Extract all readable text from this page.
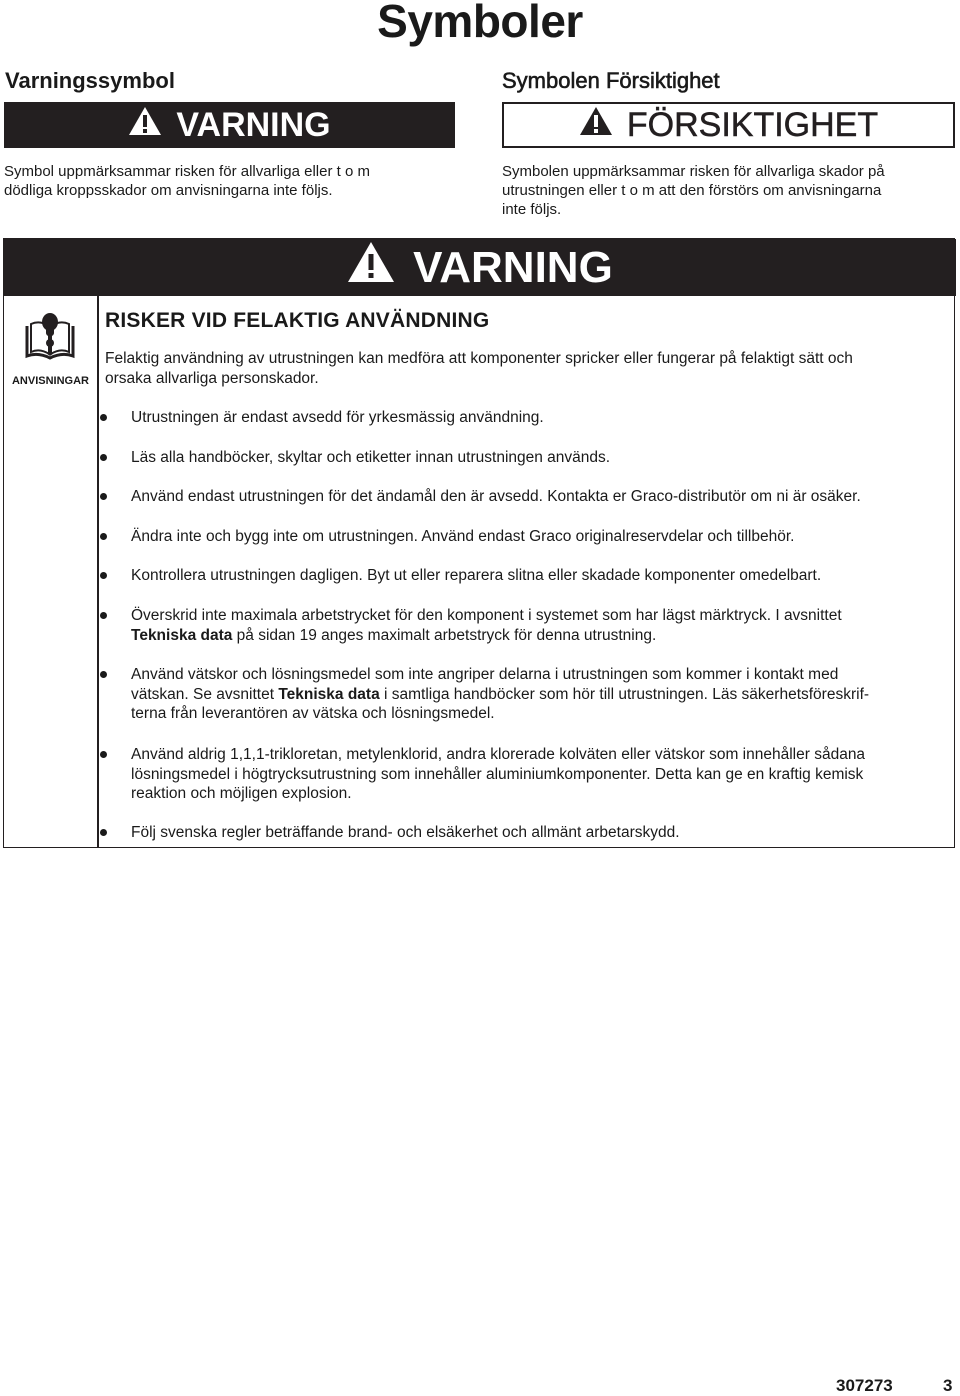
Symboler
Varningssymbol
VARNING
Symbol uppmärksammar risken för allvarliga eller t o m
dödliga kroppsskador om anvisningarna inte följs.
Symbolen Försiktighet
FÖRSIKTIGHET
Symbolen uppmärksammar risken för allvarliga skador på
utrustningen eller t o m att den förstörs om anvisningarna
inte följs.
VARNING
ANVISNINGAR
RISKER VID FELAKTIG ANVÄNDNING
Felaktig användning av utrustningen kan medföra att komponenter spricker eller fungerar på felaktigt sätt och
orsaka allvarliga personskador.
Utrustningen är endast avsedd för yrkesmässig användning.
Läs alla handböcker, skyltar och etiketter innan utrustningen används.
Använd endast utrustningen för det ändamål den är avsedd. Kontakta er Graco-distributör om ni är osäker.
Ändra inte och bygg inte om utrustningen. Använd endast Graco originalreservdelar och tillbehör.
Kontrollera utrustningen dagligen. Byt ut eller reparera slitna eller skadade komponenter omedelbart.
Överskrid inte maximala arbetstrycket för den komponent i systemet som har lägst märktryck. I avsnittet
Tekniska data på sidan 19 anges maximalt arbetstryck för denna utrustning.
Använd vätskor och lösningsmedel som inte angriper delarna i utrustningen som kommer i kontakt med
vätskan. Se avsnittet Tekniska data i samtliga handböcker som hör till utrustningen. Läs säkerhetsföreskrif-
terna från leverantören av vätska och lösningsmedel.
Använd aldrig 1,1,1-trikloretan, metylenklorid, andra klorerade kolväten eller vätskor som innehåller sådana
lösningsmedel i högtrycksutrustning som innehåller aluminiumkomponenter. Detta kan ge en kraftig kemisk
reaktion och möjligen explosion.
Följ svenska regler beträffande brand- och elsäkerhet och allmänt arbetarskydd.
307273	3
